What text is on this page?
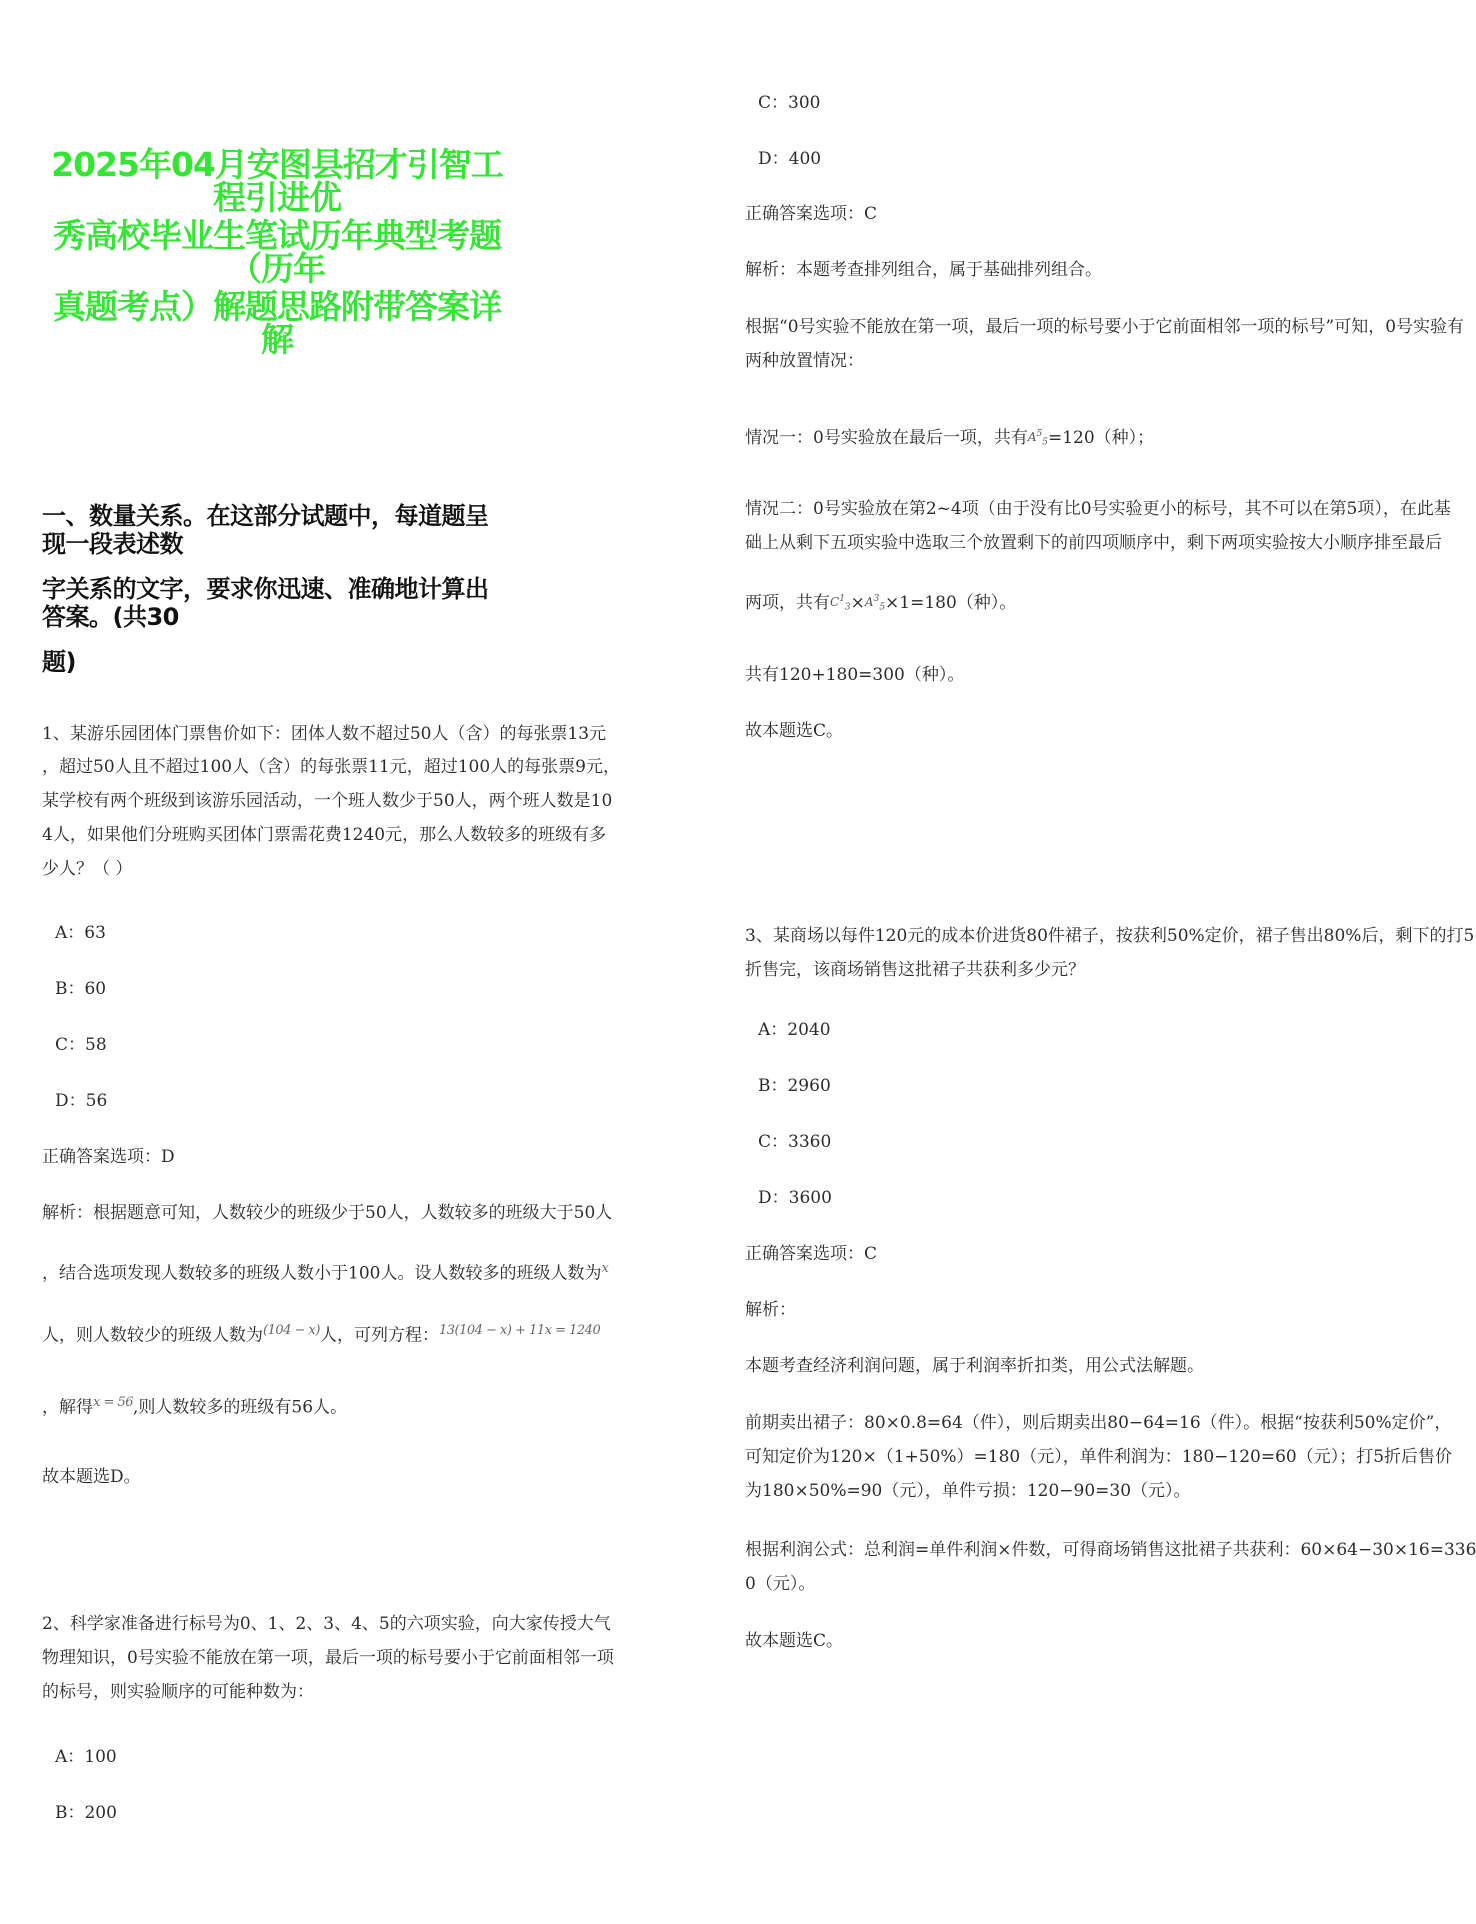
2025年04月安图县招才引智工程引进优
秀高校毕业生笔试历年典型考题（历年
真题考点）解题思路附带答案详解
一、数量关系。在这部分试题中，每道题呈现一段表述数
字关系的文字，要求你迅速、准确地计算出答案。(共30
题)
1、某游乐园团体门票售价如下：团体人数不超过50人（含）的每张票13元
，超过50人且不超过100人（含）的每张票11元，超过100人的每张票9元，
某学校有两个班级到该游乐园活动，一个班人数少于50人，两个班人数是10
4人，如果他们分班购买团体门票需花费1240元，那么人数较多的班级有多
少人？（ ）
A：63
B：60
C：58
D：56
正确答案选项：D
解析：根据题意可知，人数较少的班级少于50人，人数较多的班级大于50人
，结合选项发现人数较多的班级人数小于100人。设人数较多的班级人数为$^x$
人，则人数较少的班级人数为$^{(104 - x)}$人，可列方程：$^{13(104 - x) + 11x = 1240}$
，解得$^{x = 56}$,则人数较多的班级有56人。
故本题选D。
2、科学家准备进行标号为0、1、2、3、4、5的六项实验，向大家传授大气
物理知识，0号实验不能放在第一项，最后一项的标号要小于它前面相邻一项
的标号，则实验顺序的可能种数为：
A：100
B：200
C：300
D：400
正确答案选项：C
解析：本题考查排列组合，属于基础排列组合。
根据“0号实验不能放在第一项，最后一项的标号要小于它前面相邻一项的标号”可知，0号实验有
两种放置情况：
情况一：0号实验放在最后一项，共有$A^5_5=120$（种）；
情况二：0号实验放在第2~4项（由于没有比0号实验更小的标号，其不可以在第5项），在此基
础上从剩下五项实验中选取三个放置剩下的前四项顺序中，剩下两项实验按大小顺序排至最后
两项，共有$C^1_3\times A^3_5\times 1=180$（种）。
共有120+180=300（种）。
故本题选C。
3、某商场以每件120元的成本价进货80件裙子，按获利50%定价，裙子售出80%后，剩下的打5
折售完，该商场销售这批裙子共获利多少元？
A：2040
B：2960
C：3360
D：3600
正确答案选项：C
解析：
本题考查经济利润问题，属于利润率折扣类，用公式法解题。
前期卖出裙子：80×0.8=64（件），则后期卖出80−64=16（件）。根据“按获利50%定价”，
可知定价为120×（1+50%）=180（元），单件利润为：180−120=60（元）；打5折后售价
为180×50%=90（元），单件亏损：120−90=30（元）。
根据利润公式：总利润=单件利润×件数，可得商场销售这批裙子共获利：60×64−30×16=336
0（元）。
故本题选C。
